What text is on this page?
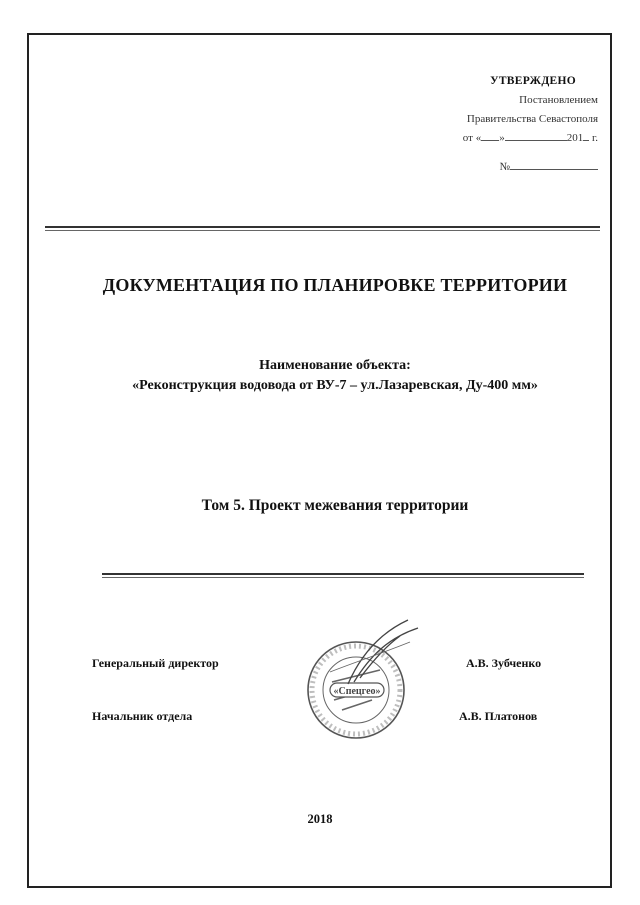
УТВЕРЖДЕНО
Постановлением
Правительства Севастополя
от « »	201 г.
№
ДОКУМЕНТАЦИЯ ПО ПЛАНИРОВКЕ ТЕРРИТОРИИ
Наименование объекта:
«Реконструкция водовода от ВУ-7 – ул.Лазаревская, Ду-400 мм»
Том 5. Проект межевания территории
Генеральный директор	А.В. Зубченко
Начальник отдела	А.В. Платонов
«Спецгео»
2018
